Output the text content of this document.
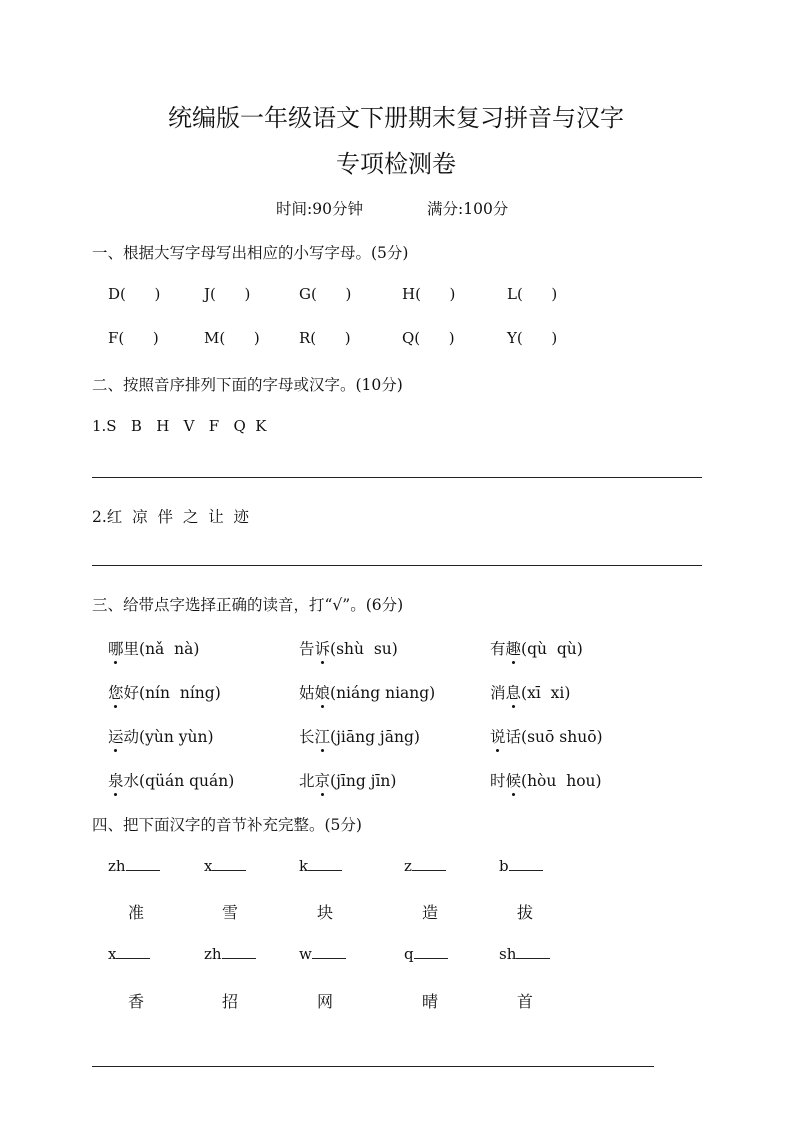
统编版一年级语文下册期末复习拼音与汉字
专项检测卷
时间:90分钟	满分:100分
一、根据大写字母写出相应的小写字母。(5分)
D(      )	J(      )	G(      )	H(      )	L(      )
F(      )	M(      )	R(      )	Q(      )	Y(      )
二、按照音序排列下面的字母或汉字。(10分)
1.S   B   H   V   F   Q  K
2.红  凉  伴  之  让  迹
三、给带点字选择正确的读音，打“√”。(6分)
哪里(nǎ  nà)	告诉(shù  su)	有趣(qù  qù)
您好(nín  níng)	姑娘(niáng niang)	消息(xī  xi)
运动(yùn yùn)	长江(jiāng jāng)	说话(suō shuō)
泉水(qüán quán)	北京(jīng jīn)	时候(hòu  hou)
四、把下面汉字的音节补充完整。(5分)
zh	x	k	z	b
准	雪	块	造	拔
x	zh	w	q	sh
香	招	网	晴	首
